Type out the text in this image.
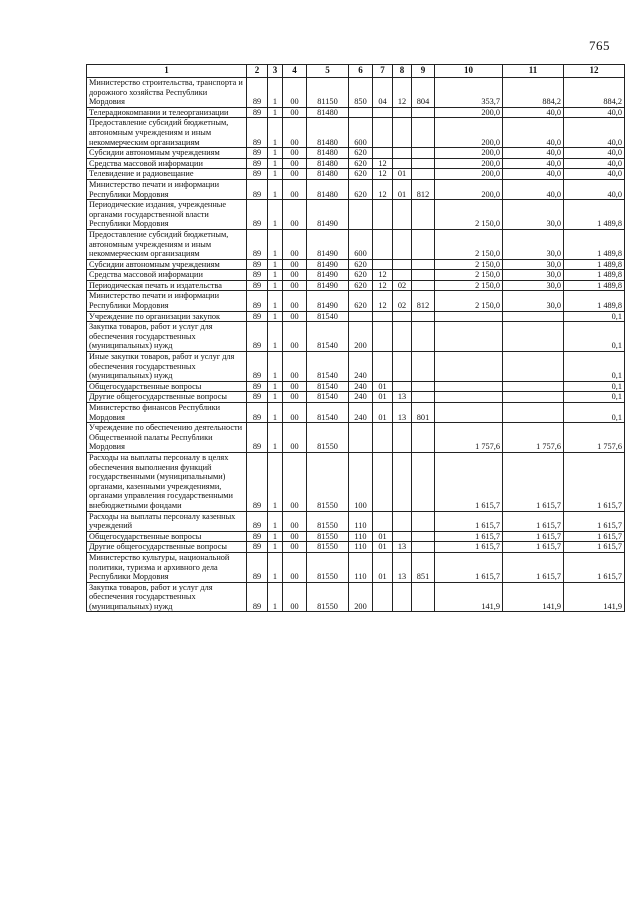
765
1	2	3	4	5	6	7	8	9	10	11	12
Министерство строительства, транспорта и дорожного хозяйства Республики Мордовия	89	1	00	81150	850	04	12	804	353,7	884,2	884,2
Телерадиокомпании и телеорганизации	89	1	00	81480					200,0	40,0	40,0
Предоставление субсидий бюджетным, автономным учреждениям и иным некоммерческим организациям	89	1	00	81480	600				200,0	40,0	40,0
Субсидии автономным учреждениям	89	1	00	81480	620				200,0	40,0	40,0
Средства массовой информации	89	1	00	81480	620	12			200,0	40,0	40,0
Телевидение и радиовещание	89	1	00	81480	620	12	01		200,0	40,0	40,0
Министерство печати и информации Республики Мордовия	89	1	00	81480	620	12	01	812	200,0	40,0	40,0
Периодические издания, учрежденные органами государственной власти Республики Мордовия	89	1	00	81490					2 150,0	30,0	1 489,8
Предоставление субсидий бюджетным, автономным учреждениям и иным некоммерческим организациям	89	1	00	81490	600				2 150,0	30,0	1 489,8
Субсидии автономным учреждениям	89	1	00	81490	620				2 150,0	30,0	1 489,8
Средства массовой информации	89	1	00	81490	620	12			2 150,0	30,0	1 489,8
Периодическая печать и издательства	89	1	00	81490	620	12	02		2 150,0	30,0	1 489,8
Министерство печати и информации Республики Мордовия	89	1	00	81490	620	12	02	812	2 150,0	30,0	1 489,8
Учреждение по организации закупок	89	1	00	81540							0,1
Закупка товаров, работ и услуг для обеспечения государственных (муниципальных) нужд	89	1	00	81540	200						0,1
Иные закупки товаров, работ и услуг для обеспечения государственных (муниципальных) нужд	89	1	00	81540	240						0,1
Общегосударственные вопросы	89	1	00	81540	240	01					0,1
Другие общегосударственные вопросы	89	1	00	81540	240	01	13				0,1
Министерство финансов Республики Мордовия	89	1	00	81540	240	01	13	801			0,1
Учреждение по обеспечению деятельности Общественной палаты Республики Мордовия	89	1	00	81550					1 757,6	1 757,6	1 757,6
Расходы на выплаты персоналу в целях обеспечения выполнения функций государственными (муниципальными) органами, казенными учреждениями, органами управления государственными внебюджетными фондами	89	1	00	81550	100				1 615,7	1 615,7	1 615,7
Расходы на выплаты персоналу казенных учреждений	89	1	00	81550	110				1 615,7	1 615,7	1 615,7
Общегосударственные вопросы	89	1	00	81550	110	01			1 615,7	1 615,7	1 615,7
Другие общегосударственные вопросы	89	1	00	81550	110	01	13		1 615,7	1 615,7	1 615,7
Министерство культуры, национальной политики, туризма и архивного дела Республики Мордовия	89	1	00	81550	110	01	13	851	1 615,7	1 615,7	1 615,7
Закупка товаров, работ и услуг для обеспечения государственных (муниципальных) нужд	89	1	00	81550	200				141,9	141,9	141,9
